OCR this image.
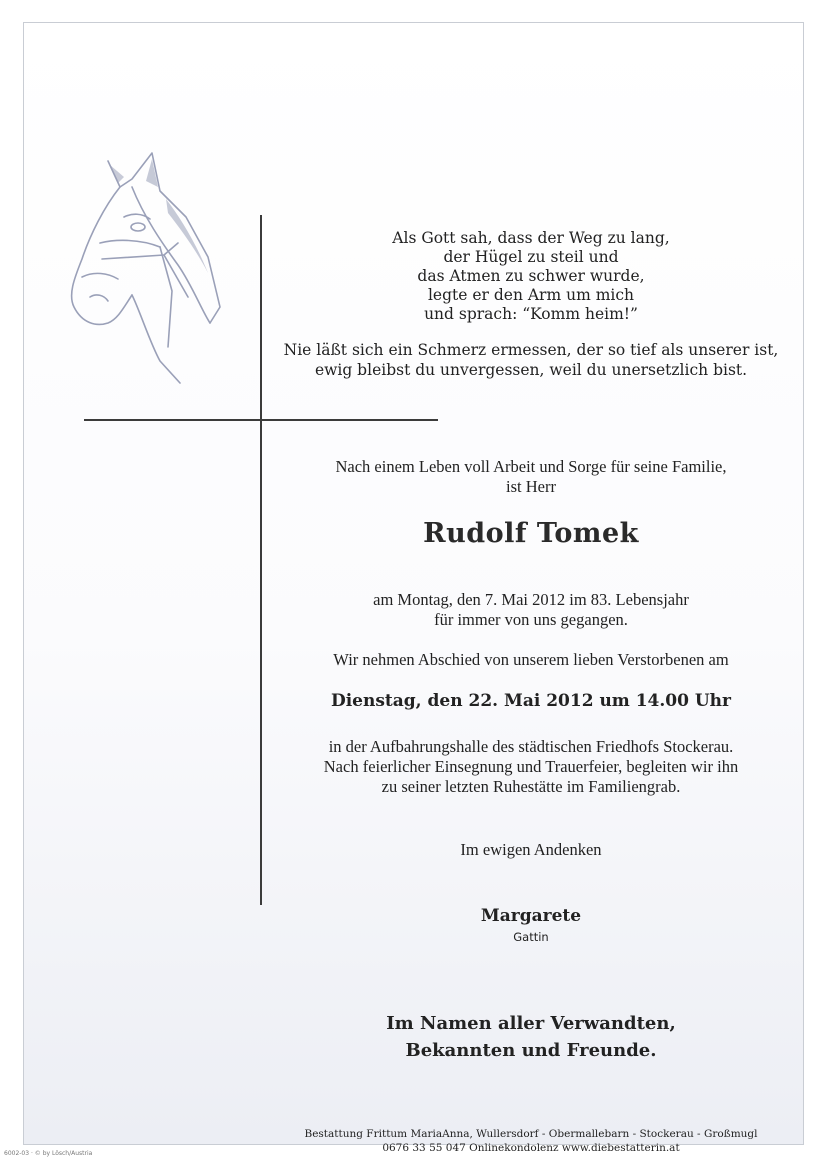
Als Gott sah, dass der Weg zu lang,
der Hügel zu steil und
das Atmen zu schwer wurde,
legte er den Arm um mich
und sprach: “Komm heim!”
Nie läßt sich ein Schmerz ermessen, der so tief als unserer ist,
ewig bleibst du unvergessen, weil du unersetzlich bist.
Nach einem Leben voll Arbeit und Sorge für seine Familie,
ist Herr
Rudolf Tomek
am Montag, den 7. Mai 2012 im 83. Lebensjahr
für immer von uns gegangen.
Wir nehmen Abschied von unserem lieben Verstorbenen am
Dienstag, den 22. Mai 2012 um 14.00 Uhr
in der Aufbahrungshalle des städtischen Friedhofs Stockerau.
Nach feierlicher Einsegnung und Trauerfeier, begleiten wir ihn
zu seiner letzten Ruhestätte im Familiengrab.
Im ewigen Andenken
Margarete
Gattin
Im Namen aller Verwandten,
Bekannten und Freunde.
Bestattung Frittum MariaAnna, Wullersdorf - Obermallebarn - Stockerau - Großmugl
0676 33 55 047 Onlinekondolenz www.diebestatterin.at
6002-03 · © by Lösch/Austria
